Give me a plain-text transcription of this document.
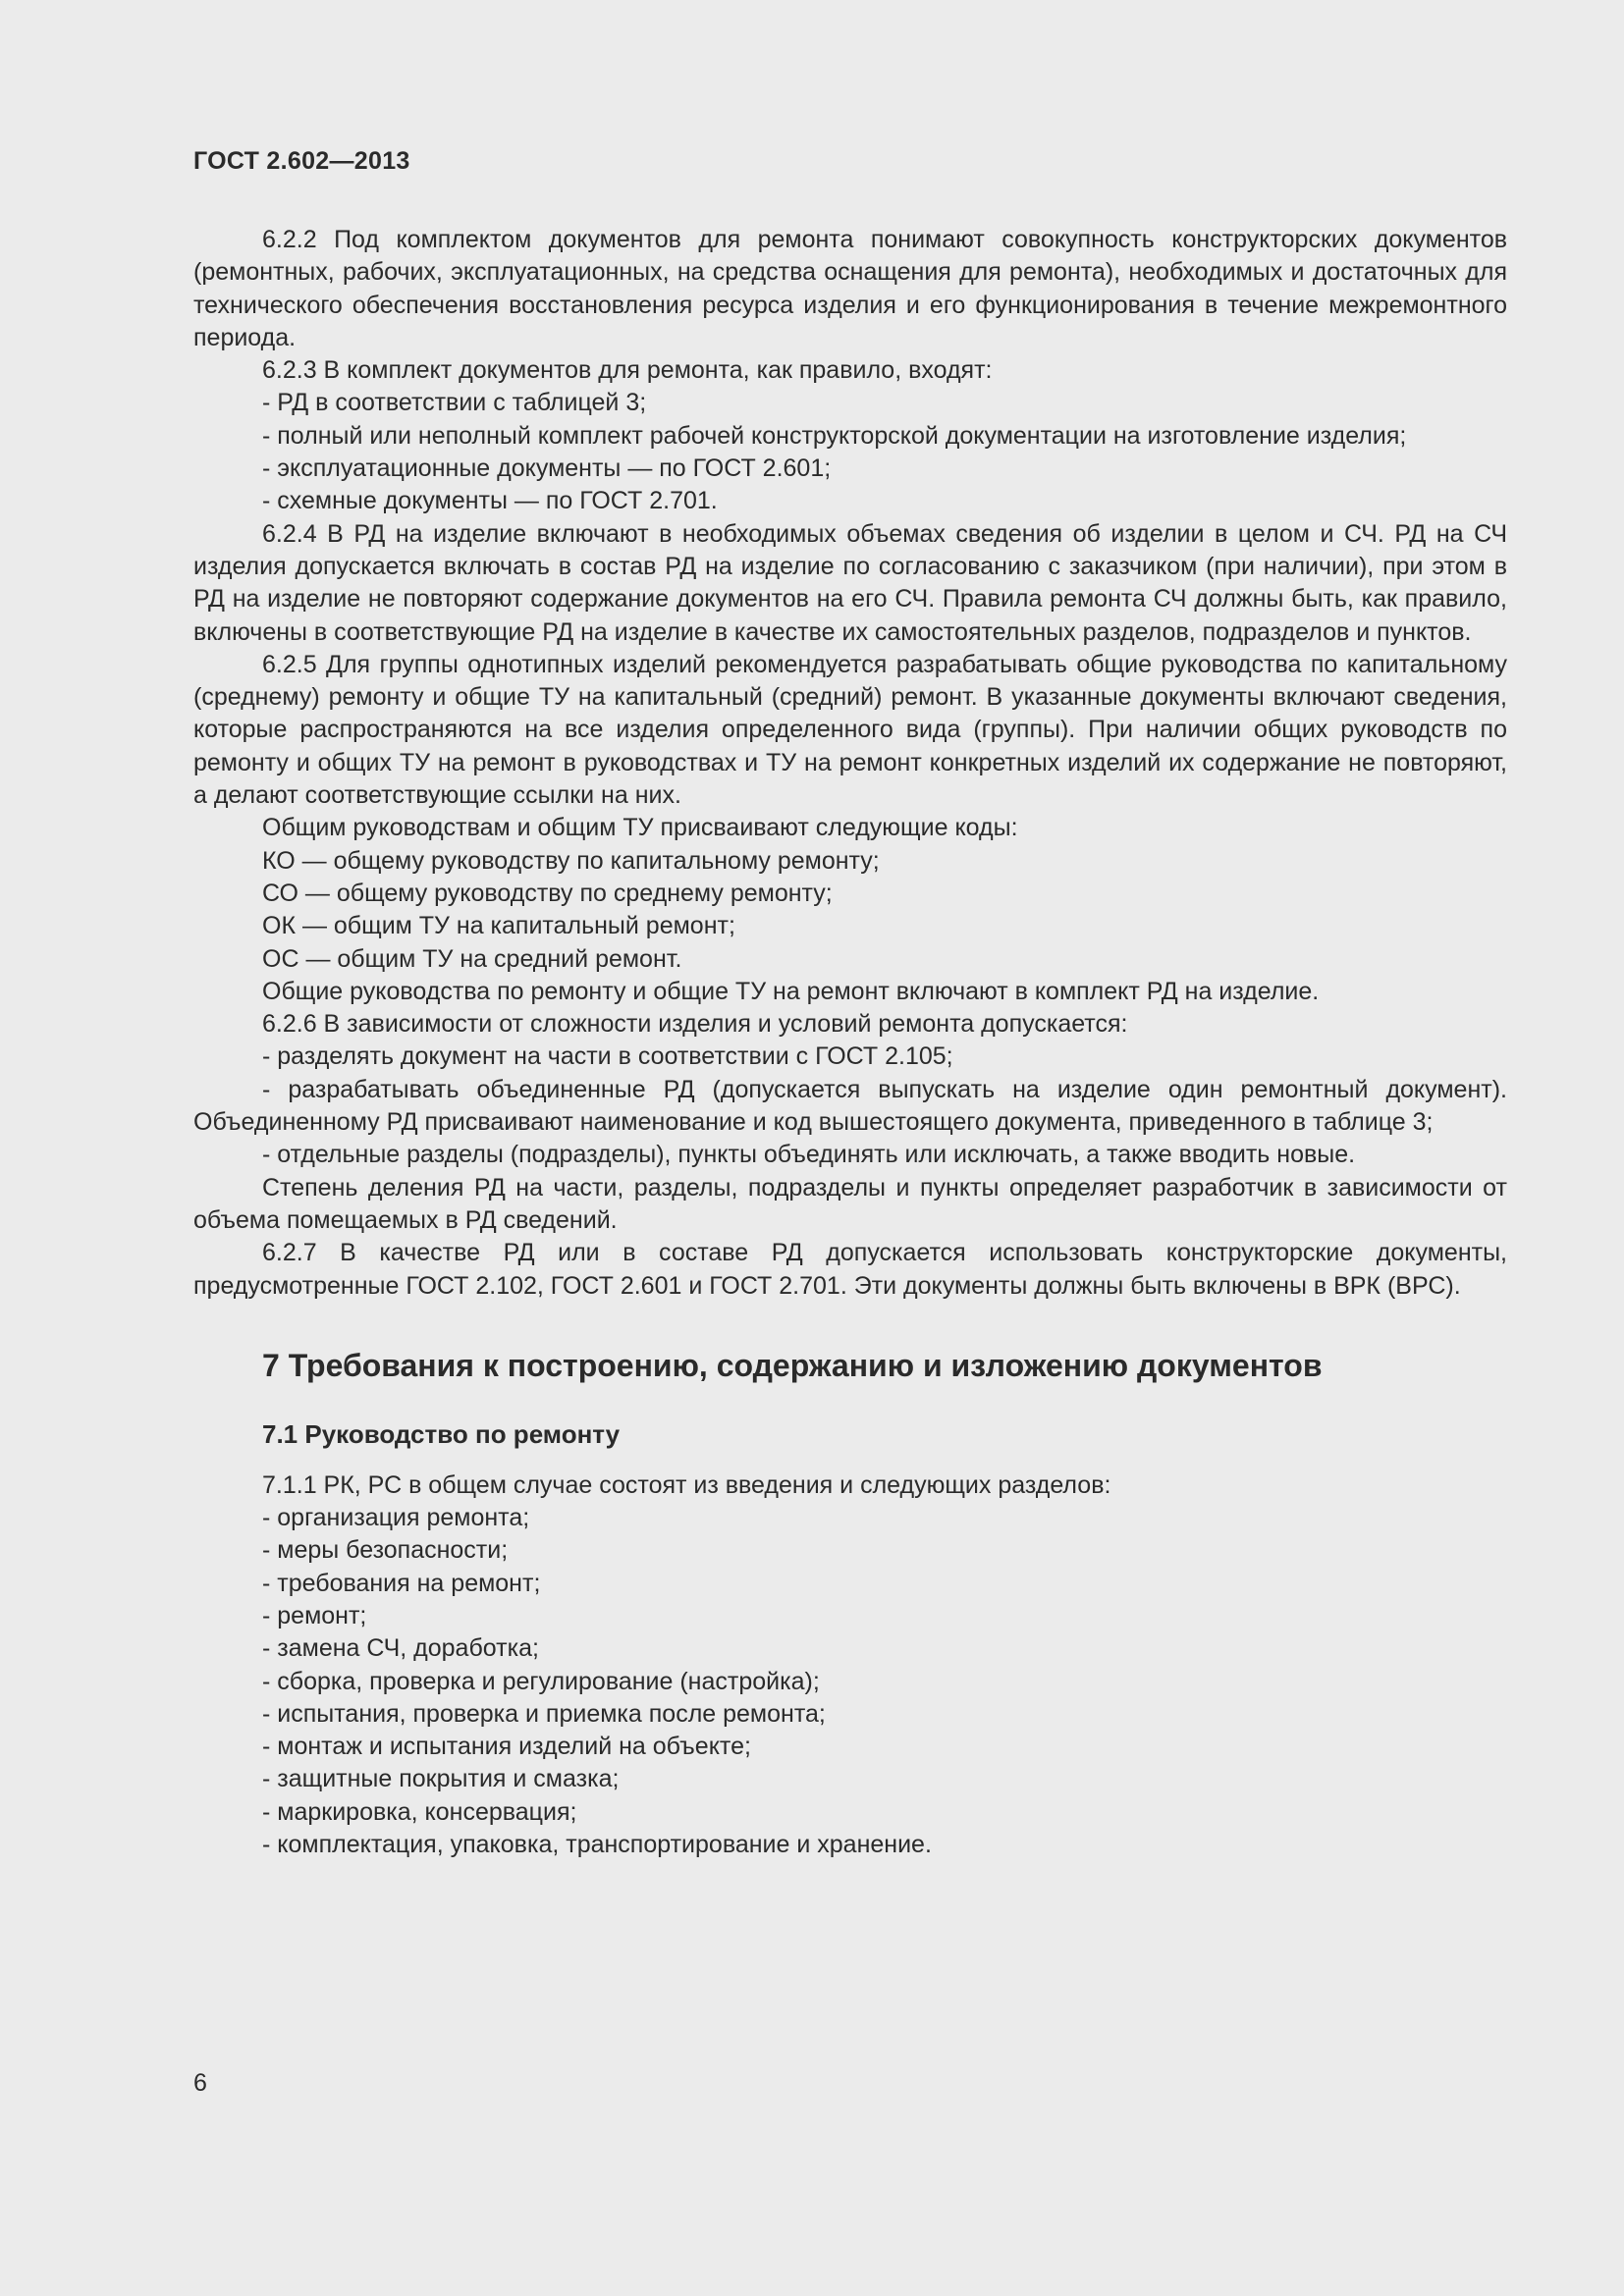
ГОСТ 2.602—2013

6.2.2 Под комплектом документов для ремонта понимают совокупность конструкторских документов (ремонтных, рабочих, эксплуатационных, на средства оснащения для ремонта), необходимых и достаточных для технического обеспечения восстановления ресурса изделия и его функционирования в течение межремонтного периода.

6.2.3 В комплект документов для ремонта, как правило, входят:

- РД в соответствии с таблицей 3;

- полный или неполный комплект рабочей конструкторской документации на изготовление изделия;

- эксплуатационные документы — по ГОСТ 2.601;

- схемные документы — по ГОСТ 2.701.

6.2.4 В РД на изделие включают в необходимых объемах сведения об изделии в целом и СЧ. РД на СЧ изделия допускается включать в состав РД на изделие по согласованию с заказчиком (при наличии), при этом в РД на изделие не повторяют содержание документов на его СЧ. Правила ремонта СЧ должны быть, как правило, включены в соответствующие РД на изделие в качестве их самостоятельных разделов, подразделов и пунктов.

6.2.5 Для группы однотипных изделий рекомендуется разрабатывать общие руководства по капитальному (среднему) ремонту и общие ТУ на капитальный (средний) ремонт. В указанные документы включают сведения, которые распространяются на все изделия определенного вида (группы). При наличии общих руководств по ремонту и общих ТУ на ремонт в руководствах и ТУ на ремонт конкретных изделий их содержание не повторяют, а делают соответствующие ссылки на них.

Общим руководствам и общим ТУ присваивают следующие коды:

КО — общему руководству по капитальному ремонту;

СО — общему руководству по среднему ремонту;

ОК — общим ТУ на капитальный ремонт;

ОС — общим ТУ на средний ремонт.

Общие руководства по ремонту и общие ТУ на ремонт включают в комплект РД на изделие.

6.2.6 В зависимости от сложности изделия и условий ремонта допускается:

- разделять документ на части в соответствии с ГОСТ 2.105;

- разрабатывать объединенные РД (допускается выпускать на изделие один ремонтный документ). Объединенному РД присваивают наименование и код вышестоящего документа, приведенного в таблице 3;

- отдельные разделы (подразделы), пункты объединять или исключать, а также вводить новые.

Степень деления РД на части, разделы, подразделы и пункты определяет разработчик в зависимости от объема помещаемых в РД сведений.

6.2.7 В качестве РД или в составе РД допускается использовать конструкторские документы, предусмотренные ГОСТ 2.102, ГОСТ 2.601 и ГОСТ 2.701. Эти документы должны быть включены в ВРК (ВРС).

7 Требования к построению, содержанию и изложению документов

7.1 Руководство по ремонту

7.1.1 РК, РС в общем случае состоят из введения и следующих разделов:

- организация ремонта;

- меры безопасности;

- требования на ремонт;

- ремонт;

- замена СЧ, доработка;

- сборка, проверка и регулирование (настройка);

- испытания, проверка и приемка после ремонта;

- монтаж и испытания изделий на объекте;

- защитные покрытия и смазка;

- маркировка, консервация;

- комплектация, упаковка, транспортирование и хранение.

6
